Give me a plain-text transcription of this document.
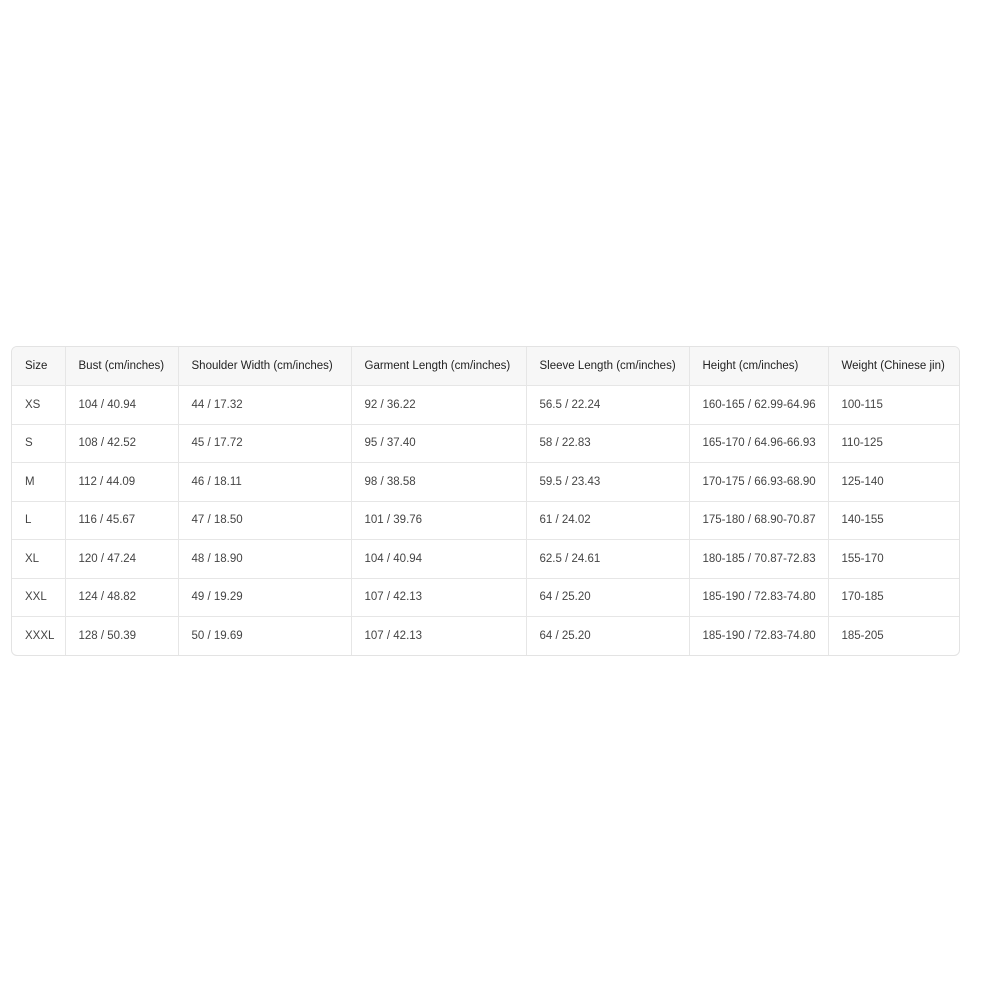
Size	Bust (cm/inches)	Shoulder Width (cm/inches)	Garment Length (cm/inches)	Sleeve Length (cm/inches)	Height (cm/inches)	Weight (Chinese jin)
XS	104 / 40.94	44 / 17.32	92 / 36.22	56.5 / 22.24	160-165 / 62.99-64.96	100-115
S	108 / 42.52	45 / 17.72	95 / 37.40	58 / 22.83	165-170 / 64.96-66.93	110-125
M	112 / 44.09	46 / 18.11	98 / 38.58	59.5 / 23.43	170-175 / 66.93-68.90	125-140
L	116 / 45.67	47 / 18.50	101 / 39.76	61 / 24.02	175-180 / 68.90-70.87	140-155
XL	120 / 47.24	48 / 18.90	104 / 40.94	62.5 / 24.61	180-185 / 70.87-72.83	155-170
XXL	124 / 48.82	49 / 19.29	107 / 42.13	64 / 25.20	185-190 / 72.83-74.80	170-185
XXXL	128 / 50.39	50 / 19.69	107 / 42.13	64 / 25.20	185-190 / 72.83-74.80	185-205
